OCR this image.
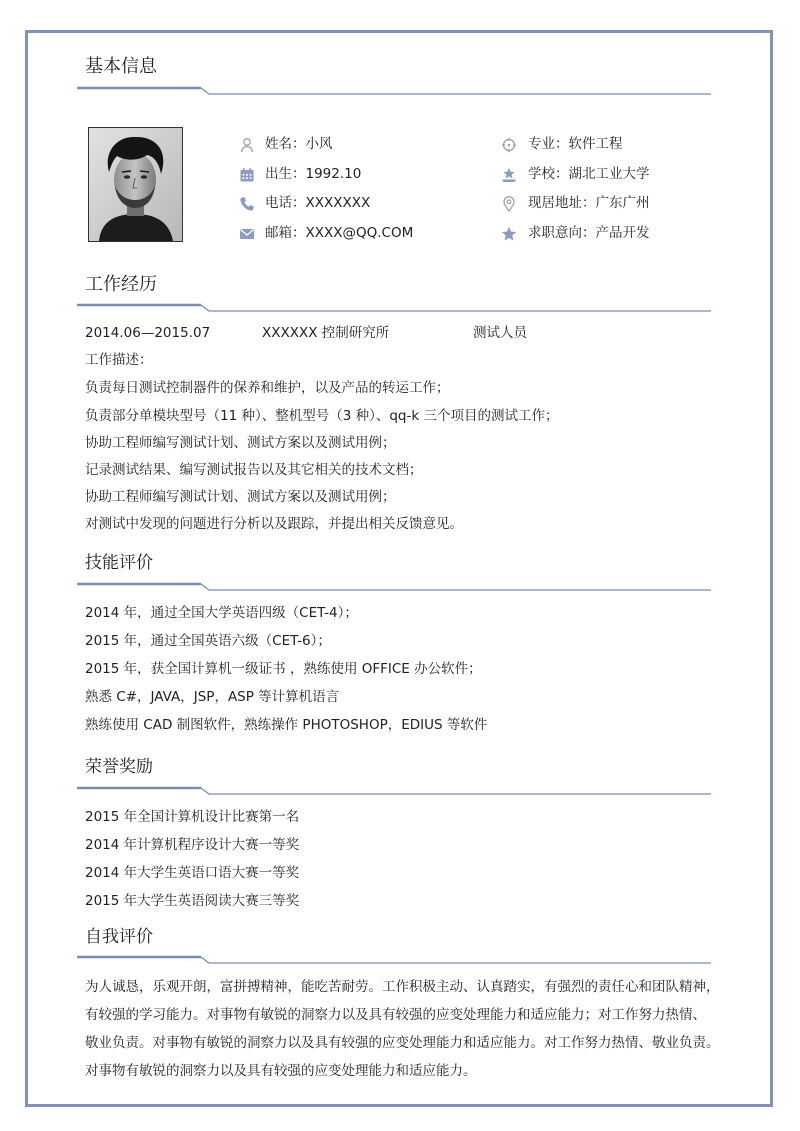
基本信息
姓名：小风
出生：1992.10
电话：XXXXXXX
邮箱：XXXX@QQ.COM
专业：软件工程
学校：湖北工业大学
现居地址：广东广州
求职意向：产品开发
工作经历
2014.06—2015.07	XXXXXX 控制研究所	测试人员
工作描述：
负责每日测试控制器件的保养和维护，以及产品的转运工作；
负责部分单模块型号（11 种）、整机型号（3 种）、qq-k 三个项目的测试工作；
协助工程师编写测试计划、测试方案以及测试用例；
记录测试结果、编写测试报告以及其它相关的技术文档；
协助工程师编写测试计划、测试方案以及测试用例；
对测试中发现的问题进行分析以及跟踪，并提出相关反馈意见。
技能评价
2014 年，通过全国大学英语四级（CET-4）；
2015 年，通过全国英语六级（CET-6）；
2015 年，获全国计算机一级证书 ，熟练使用 OFFICE 办公软件；
熟悉 C#，JAVA，JSP，ASP 等计算机语言
熟练使用 CAD 制图软件，熟练操作 PHOTOSHOP，EDIUS 等软件
荣誉奖励
2015 年全国计算机设计比赛第一名
2014 年计算机程序设计大赛一等奖
2014 年大学生英语口语大赛一等奖
2015 年大学生英语阅读大赛三等奖
自我评价
为人诚恳，乐观开朗，富拼搏精神，能吃苦耐劳。工作积极主动、认真踏实，有强烈的责任心和团队精神，
有较强的学习能力。对事物有敏锐的洞察力以及具有较强的应变处理能力和适应能力；对工作努力热情、
敬业负责。对事物有敏锐的洞察力以及具有较强的应变处理能力和适应能力。对工作努力热情、敬业负责。
对事物有敏锐的洞察力以及具有较强的应变处理能力和适应能力。
